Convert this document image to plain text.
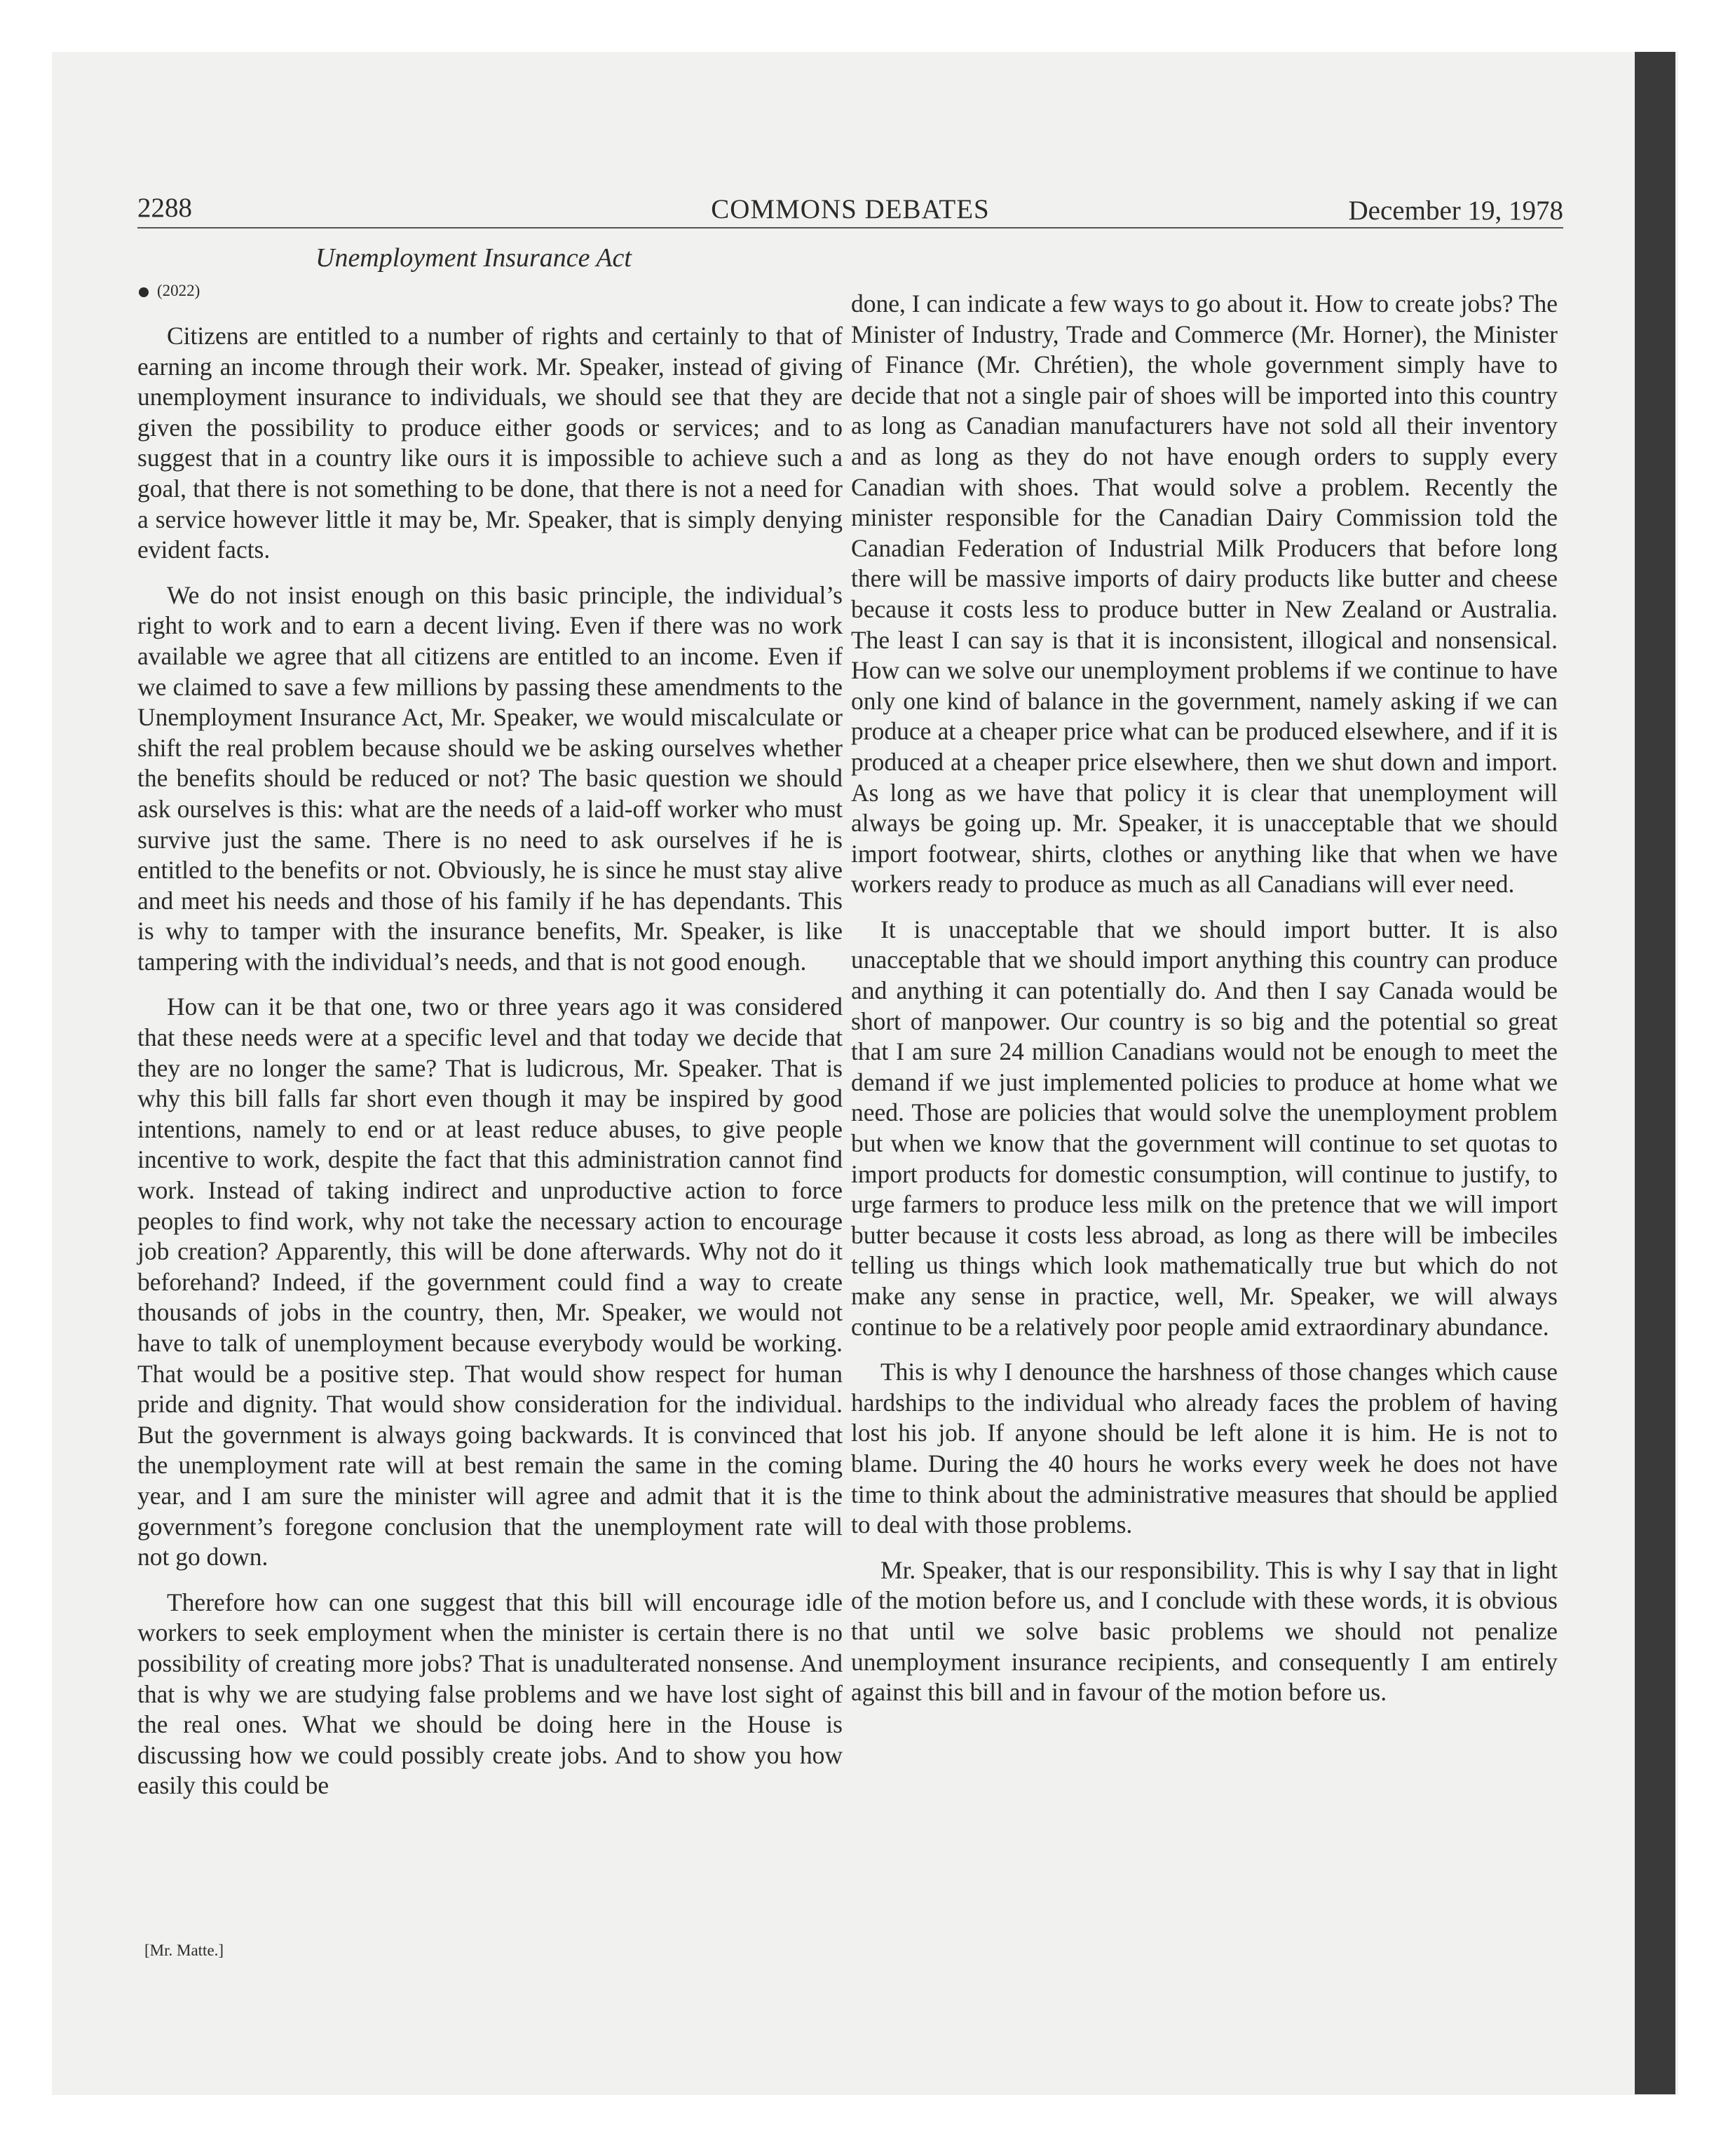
2288	COMMONS DEBATES	December 19, 1978
Unemployment Insurance Act
(2022)

Citizens are entitled to a number of rights and certainly to that of earning an income through their work. Mr. Speaker, instead of giving unemployment insurance to individuals, we should see that they are given the possibility to produce either goods or services; and to suggest that in a country like ours it is impossible to achieve such a goal, that there is not something to be done, that there is not a need for a service however little it may be, Mr. Speaker, that is simply denying evident facts.

We do not insist enough on this basic principle, the individual’s right to work and to earn a decent living. Even if there was no work available we agree that all citizens are entitled to an income. Even if we claimed to save a few millions by passing these amendments to the Unemployment Insurance Act, Mr. Speaker, we would miscalculate or shift the real problem because should we be asking ourselves whether the benefits should be reduced or not? The basic question we should ask ourselves is this: what are the needs of a laid-off worker who must survive just the same. There is no need to ask ourselves if he is entitled to the benefits or not. Obviously, he is since he must stay alive and meet his needs and those of his family if he has dependants. This is why to tamper with the insurance benefits, Mr. Speaker, is like tampering with the individual’s needs, and that is not good enough.

How can it be that one, two or three years ago it was considered that these needs were at a specific level and that today we decide that they are no longer the same? That is ludicrous, Mr. Speaker. That is why this bill falls far short even though it may be inspired by good intentions, namely to end or at least reduce abuses, to give people incentive to work, despite the fact that this administration cannot find work. Instead of taking indirect and unproductive action to force peoples to find work, why not take the necessary action to encourage job creation? Apparently, this will be done afterwards. Why not do it beforehand? Indeed, if the government could find a way to create thousands of jobs in the country, then, Mr. Speaker, we would not have to talk of unemployment because everybody would be working. That would be a positive step. That would show respect for human pride and dignity. That would show consideration for the individual. But the government is always going backwards. It is convinced that the unemployment rate will at best remain the same in the coming year, and I am sure the minister will agree and admit that it is the government’s foregone conclusion that the unemployment rate will not go down.

Therefore how can one suggest that this bill will encourage idle workers to seek employment when the minister is certain there is no possibility of creating more jobs? That is unadulterated nonsense. And that is why we are studying false problems and we have lost sight of the real ones. What we should be doing here in the House is discussing how we could possibly create jobs. And to show you how easily this could be

[Mr. Matte.]

done, I can indicate a few ways to go about it. How to create jobs? The Minister of Industry, Trade and Commerce (Mr. Horner), the Minister of Finance (Mr. Chrétien), the whole government simply have to decide that not a single pair of shoes will be imported into this country as long as Canadian manufacturers have not sold all their inventory and as long as they do not have enough orders to supply every Canadian with shoes. That would solve a problem. Recently the minister responsible for the Canadian Dairy Commission told the Canadian Federation of Industrial Milk Producers that before long there will be massive imports of dairy products like butter and cheese because it costs less to produce butter in New Zealand or Australia. The least I can say is that it is inconsistent, illogical and nonsensical. How can we solve our unemployment problems if we continue to have only one kind of balance in the government, namely asking if we can produce at a cheaper price what can be produced elsewhere, and if it is produced at a cheaper price elsewhere, then we shut down and import. As long as we have that policy it is clear that unemployment will always be going up. Mr. Speaker, it is unacceptable that we should import footwear, shirts, clothes or anything like that when we have workers ready to produce as much as all Canadians will ever need.

It is unacceptable that we should import butter. It is also unacceptable that we should import anything this country can produce and anything it can potentially do. And then I say Canada would be short of manpower. Our country is so big and the potential so great that I am sure 24 million Canadians would not be enough to meet the demand if we just implemented policies to produce at home what we need. Those are policies that would solve the unemployment problem but when we know that the government will continue to set quotas to import products for domestic consumption, will continue to justify, to urge farmers to produce less milk on the pretence that we will import butter because it costs less abroad, as long as there will be imbeciles telling us things which look mathematically true but which do not make any sense in practice, well, Mr. Speaker, we will always continue to be a relatively poor people amid extraordinary abundance.

This is why I denounce the harshness of those changes which cause hardships to the individual who already faces the problem of having lost his job. If anyone should be left alone it is him. He is not to blame. During the 40 hours he works every week he does not have time to think about the administrative measures that should be applied to deal with those problems.

Mr. Speaker, that is our responsibility. This is why I say that in light of the motion before us, and I conclude with these words, it is obvious that until we solve basic problems we should not penalize unemployment insurance recipients, and consequently I am entirely against this bill and in favour of the motion before us.
